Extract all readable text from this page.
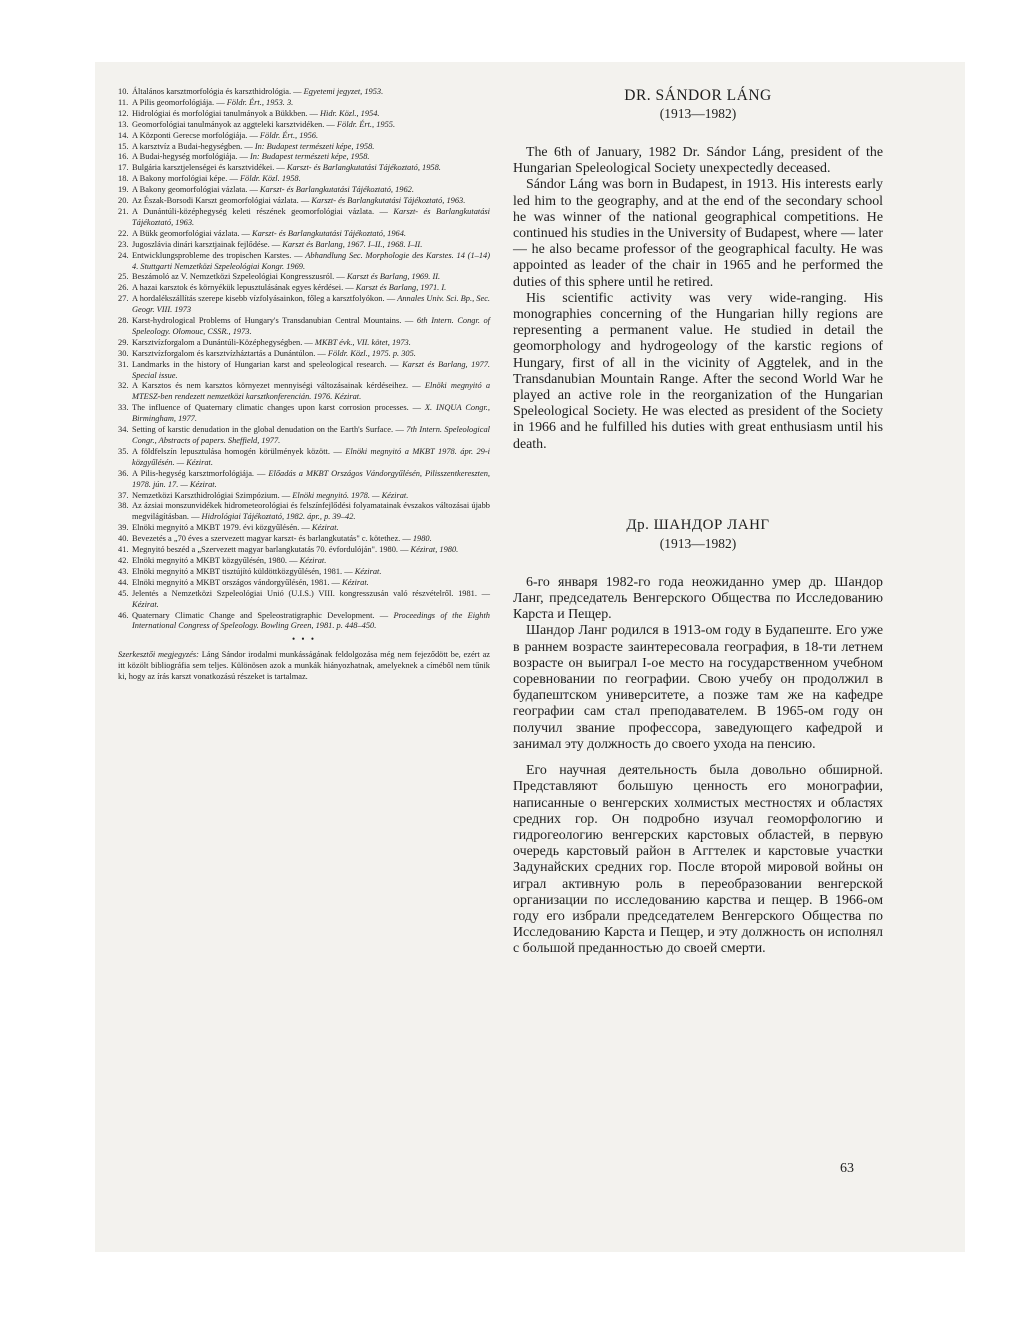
10. Általános karsztmorfológia és karszthidrológia. — Egyetemi jegyzet, 1953.
11. A Pilis geomorfológiája. — Földr. Ért., 1953. 3.
12. Hidrológiai és morfológiai tanulmányok a Bükkben. — Hidr. Közl., 1954.
13. Geomorfológiai tanulmányok az aggteleki karsztvidéken. — Földr. Ért., 1955.
14. A Központi Gerecse morfológiája. — Földr. Ért., 1956.
15. A karsztvíz a Budai-hegységben. — In: Budapest természeti képe, 1958.
16. A Budai-hegység morfológiája. — In: Budapest természeti képe, 1958.
17. Bulgária karsztjelenségei és karsztvidékei. — Karszt- és Barlangkutatási Tájékoztató, 1958.
18. A Bakony morfológiai képe. — Földr. Közl. 1958.
19. A Bakony geomorfológiai vázlata. — Karszt- és Barlangkutatási Tájékoztató, 1962.
20. Az Észak-Borsodi Karszt geomorfológiai vázlata. — Karszt- és Barlangkutatási Tájékoztató, 1963.
21. A Dunántúli-középhegység keleti részének geomorfológiai vázlata. — Karszt- és Barlangkutatási Tájékoztató, 1963.
22. A Bükk geomorfológiai vázlata. — Karszt- és Barlangkutatási Tájékoztató, 1964.
23. Jugoszlávia dinári karsztjainak fejlődése. — Karszt és Barlang, 1967. I–II., 1968. I–II.
24. Entwicklungsprobleme des tropischen Karstes. — Abhandlung Sec. Morphologie des Karstes. 14 (1–14) 4. Stuttgarti Nemzetközi Szpeleológiai Kongr. 1969.
25. Beszámoló az V. Nemzetközi Szpeleológiai Kongresszusról. — Karszt és Barlang, 1969. II.
26. A hazai karsztok és környékük lepusztulásának egyes kérdései. — Karszt és Barlang, 1971. I.
27. A hordalékszállítás szerepe kisebb vízfolyásainkon, főleg a karsztfolyókon. — Annales Univ. Sci. Bp., Sec. Geogr. VIII. 1973
28. Karst-hydrological Problems of Hungary's Transdanubian Central Mountains. — 6th Intern. Congr. of Speleology. Olomouc, CSSR., 1973.
29. Karsztvízforgalom a Dunántúli-Középhegységben. — MKBT évk., VII. kötet, 1973.
30. Karsztvízforgalom és karsztvízháztartás a Dunántúlon. — Földr. Közl., 1975. p. 305.
31. Landmarks in the history of Hungarian karst and speleological research. — Karszt és Barlang, 1977. Special issue.
32. A Karsztos és nem karsztos környezet mennyiségi változásainak kérdéseihez. — Elnöki megnyitó a MTESZ-ben rendezett nemzetközi karsztkonferencián. 1976. Kézirat.
33. The influence of Quaternary climatic changes upon karst corrosion processes. — X. INQUA Congr., Birmingham, 1977.
34. Setting of karstic denudation in the global denudation on the Earth's Surface. — 7th Intern. Speleological Congr., Abstracts of papers. Sheffield, 1977.
35. A földfelszín lepusztulása homogén körülmények között. — Elnöki megnyitó a MKBT 1978. ápr. 29-i közgyűlésén. — Kézirat.
36. A Pilis-hegység karsztmorfológiája. — Előadás a MKBT Országos Vándorgyűlésén, Pilisszentkereszten, 1978. jún. 17. — Kézirat.
37. Nemzetközi Karszthidrológiai Szimpózium. — Elnöki megnyitó. 1978. — Kézirat.
38. Az ázsiai monszunvidékek hidrometeorológiai és felszínfejlődési folyamatainak évszakos változásai újabb megvilágításban. — Hidrológiai Tájékoztató, 1982. ápr., p. 39–42.
39. Elnöki megnyitó a MKBT 1979. évi közgyűlésén. — Kézirat.
40. Bevezetés a „70 éves a szervezett magyar karszt- és barlangkutatás" c. kötethez. — 1980.
41. Megnyitó beszéd a „Szervezett magyar barlangkutatás 70. évfordulóján". 1980. — Kézirat, 1980.
42. Elnöki megnyitó a MKBT közgyűlésén, 1980. — Kézirat.
43. Elnöki megnyitó a MKBT tisztújító küldöttközgyűlésén, 1981. — Kézirat.
44. Elnöki megnyitó a MKBT országos vándorgyűlésén, 1981. — Kézirat.
45. Jelentés a Nemzetközi Szpeleológiai Unió (U.I.S.) VIII. kongresszusán való részvételről. 1981. — Kézirat.
46. Quaternary Climatic Change and Speleostratigraphic Development. — Proceedings of the Eighth International Congress of Speleology. Bowling Green, 1981. p. 448–450.
• • •
Szerkesztői megjegyzés: Láng Sándor irodalmi munkásságának feldolgozása még nem fejeződött be, ezért az itt közölt bibliográfia sem teljes. Különösen azok a munkák hiányozhatnak, amelyeknek a címéből nem tűnik ki, hogy az írás karszt vonatkozású részeket is tartalmaz.
DR. SÁNDOR LÁNG
(1913—1982)
The 6th of January, 1982 Dr. Sándor Láng, president of the Hungarian Speleological Society unexpectedly deceased.
Sándor Láng was born in Budapest, in 1913. His interests early led him to the geography, and at the end of the secondary school he was winner of the national geographical competitions. He continued his studies in the University of Budapest, where — later — he also became professor of the geographical faculty. He was appointed as leader of the chair in 1965 and he performed the duties of this sphere until he retired.
His scientific activity was very wide-ranging. His monographies concerning of the Hungarian hilly regions are representing a permanent value. He studied in detail the geomorphology and hydrogeology of the karstic regions of Hungary, first of all in the vicinity of Aggtelek, and in the Transdanubian Mountain Range. After the second World War he played an active role in the reorganization of the Hungarian Speleological Society. He was elected as president of the Society in 1966 and he fulfilled his duties with great enthusiasm until his death.
Др. ШАНДОР ЛАНГ
(1913—1982)
6-го января 1982-го года неожиданно умер др. Шандор Ланг, председатель Венгерского Общества по Исследованию Карста и Пещер.
Шандор Ланг родился в 1913-ом году в Будапеште. Его уже в раннем возрасте заинтересовала география, в 18-ти летнем возрасте он выиграл I-ое место на государственном учебном соревновании по географии. Свою учебу он продолжил в будапештском университете, а позже там же на кафедре географии сам стал преподавателем. В 1965-ом году он получил звание профессора, заведующего кафедрой и занимал эту должность до своего ухода на пенсию.
Его научная деятельность была довольно обширной. Представляют большую ценность его монографии, написанные о венгерских холмистых местностях и областях средних гор. Он подробно изучал геоморфологию и гидрогеологию венгерских карстовых областей, в первую очередь карстовый район в Аггтелек и карстовые участки Задунайских средних гор. После второй мировой войны он играл активную роль в переобразовании венгерской организации по исследованию карства и пещер. В 1966-ом году его избрали председателем Венгерского Общества по Исследованию Карста и Пещер, и эту должность он исполнял с большой преданностью до своей смерти.
63
